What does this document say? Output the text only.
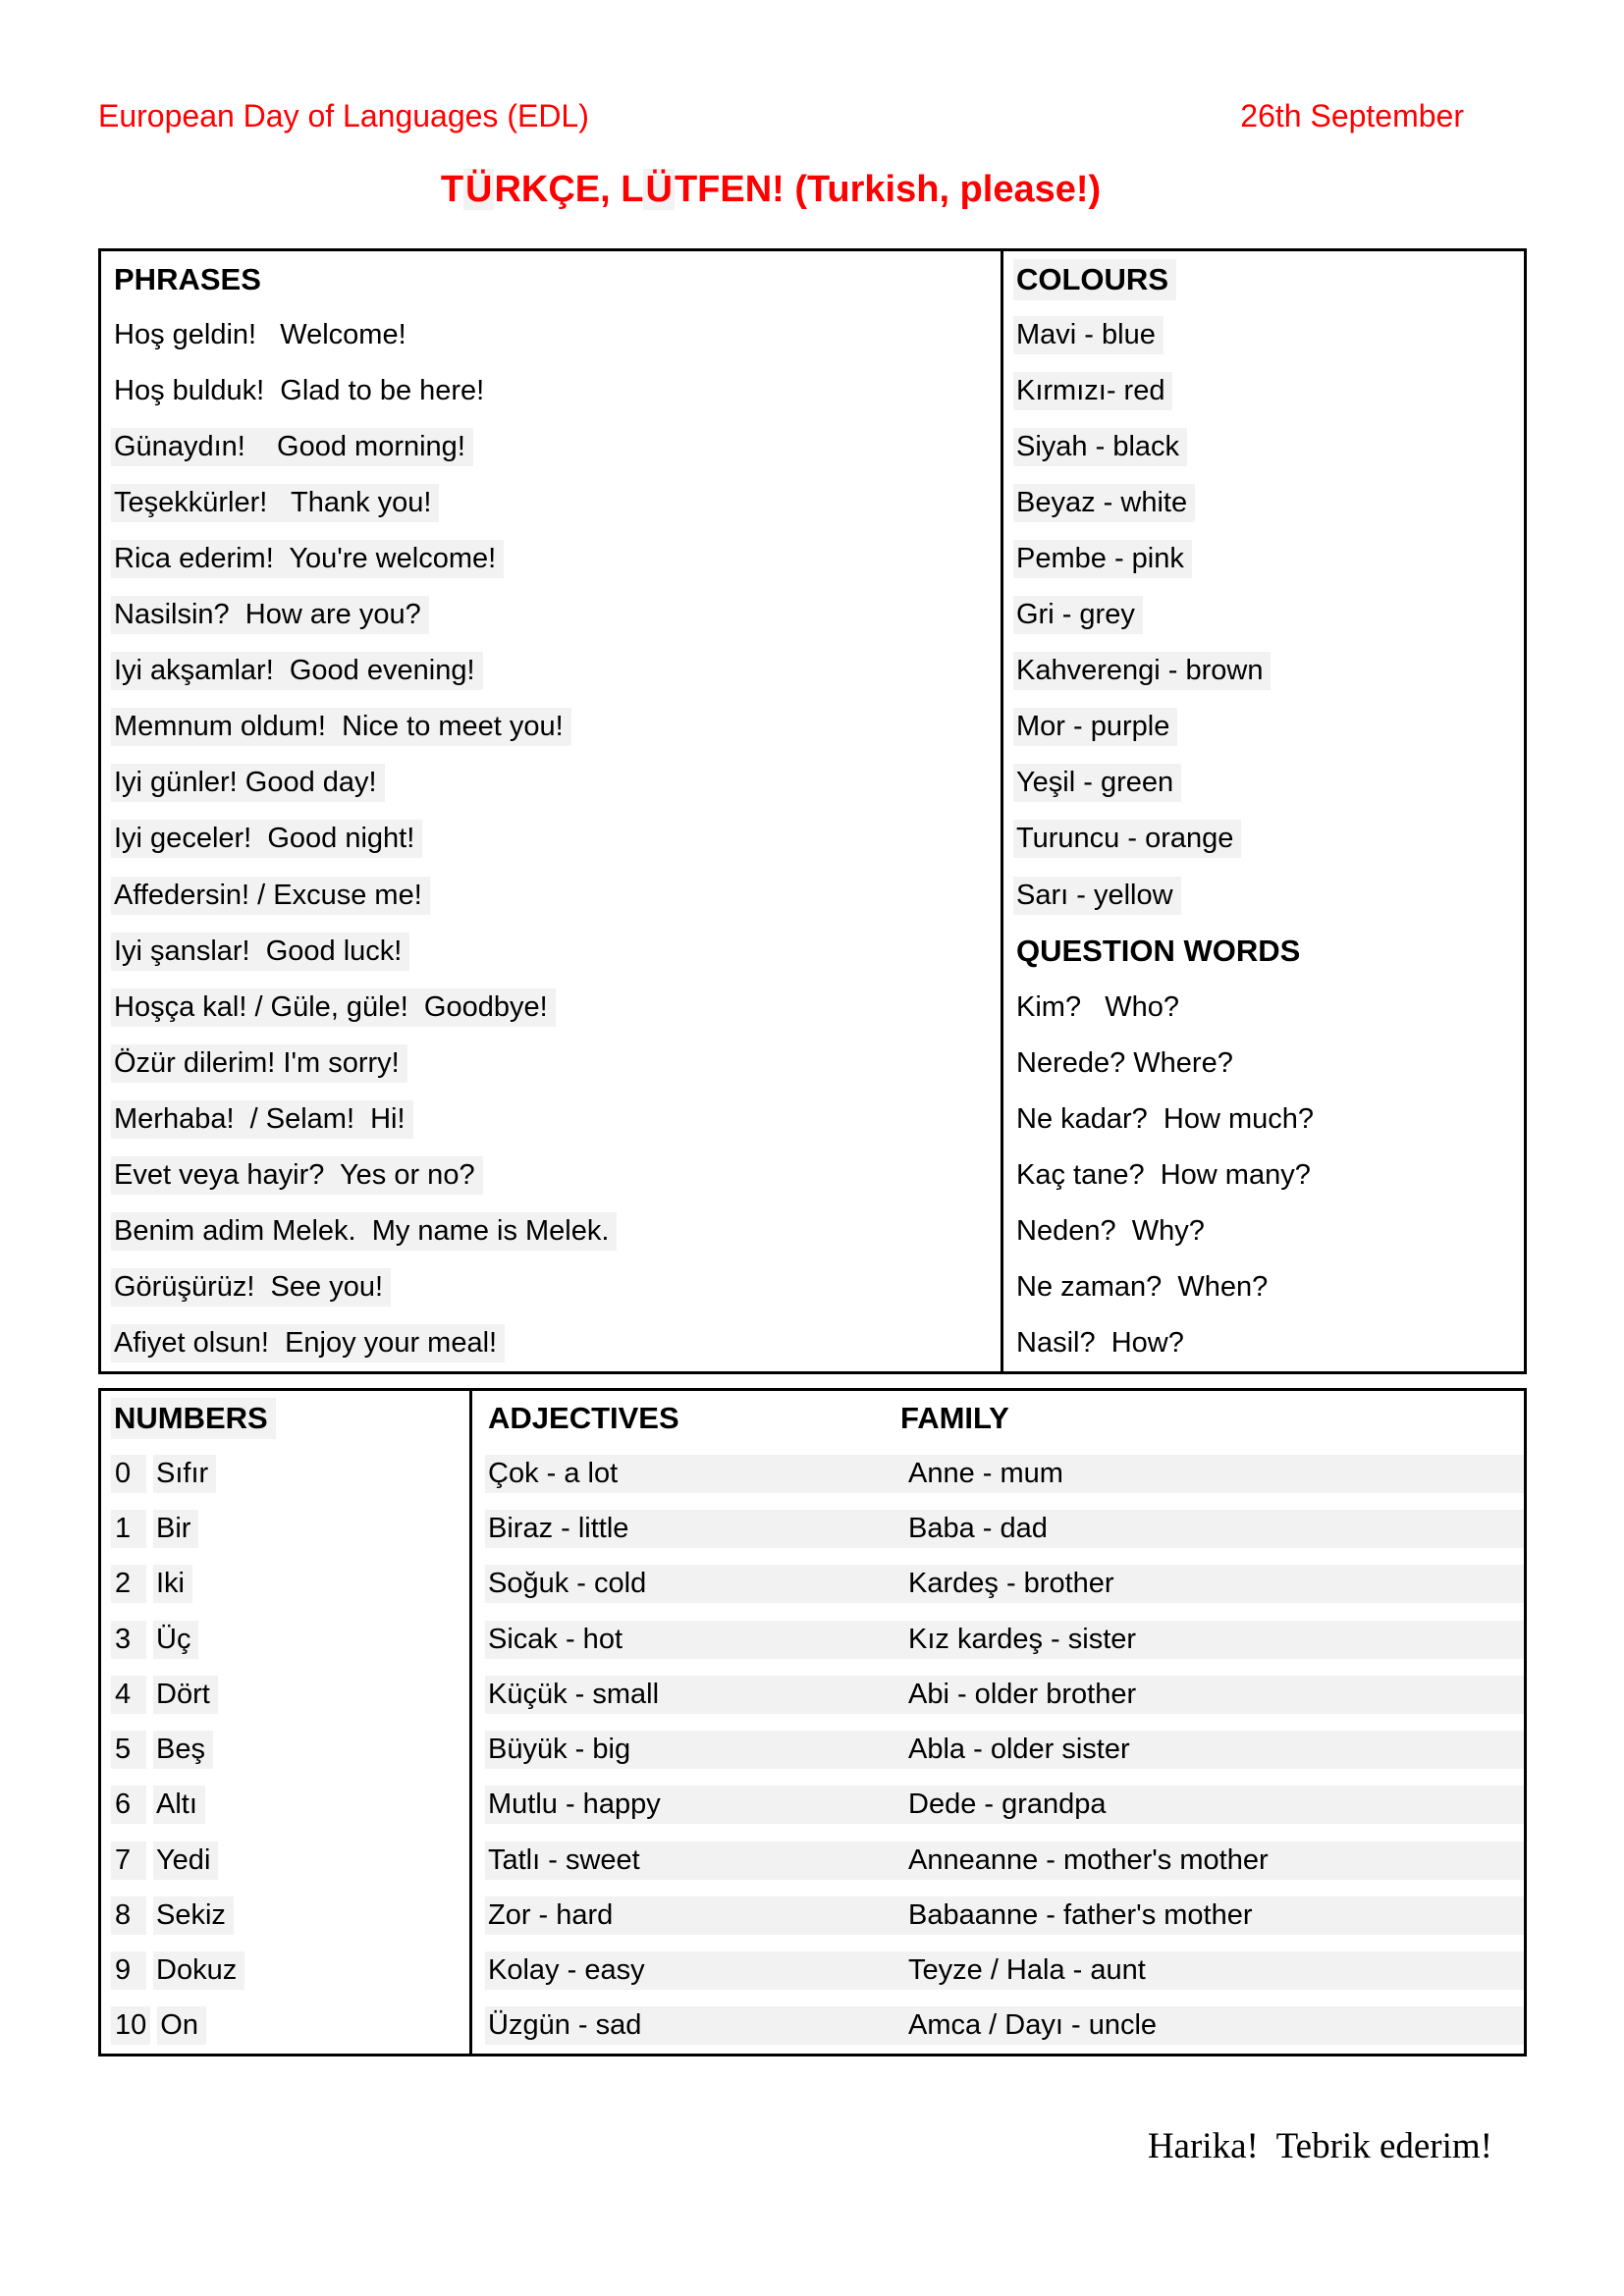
European Day of Languages (EDL)	26th September
TÜRKÇE, LÜTFEN! (Turkish, please!)
PHRASES
Hoş geldin!   Welcome!
Hoş bulduk!  Glad to be here!
Günaydın!    Good morning!
Teşekkürler!   Thank you!
Rica ederim!  You're welcome!
Nasilsin?  How are you?
Iyi akşamlar!  Good evening!
Memnum oldum!  Nice to meet you!
Iyi günler! Good day!
Iyi geceler!  Good night!
Affedersin! / Excuse me!
Iyi şanslar!  Good luck!
Hoşça kal! / Güle, güle!  Goodbye!
Özür dilerim! I'm sorry!
Merhaba!  / Selam!  Hi!
Evet veya hayir?  Yes or no?
Benim adim Melek.  My name is Melek.
Görüşürüz!  See you!
Afiyet olsun!  Enjoy your meal!
COLOURS
Mavi - blue
Kırmızı- red
Siyah - black
Beyaz - white
Pembe - pink
Gri - grey
Kahverengi - brown
Mor - purple
Yeşil - green
Turuncu - orange
Sarı - yellow
QUESTION WORDS
Kim?   Who?
Nerede? Where?
Ne kadar?  How much?
Kaç tane?  How many?
Neden?  Why?
Ne zaman?  When?
Nasil?  How?
NUMBERS
0 Sıfır
1 Bir
2 Iki
3 Üç
4 Dört
5 Beş
6 Altı
7 Yedi
8 Sekiz
9 Dokuz
10 On
ADJECTIVES	FAMILY
Çok - a lot	Anne - mum
Biraz - little	Baba - dad
Soğuk - cold	Kardeş - brother
Sicak - hot	Kız kardeş - sister
Küçük - small	Abi - older brother
Büyük - big	Abla - older sister
Mutlu - happy	Dede - grandpa
Tatlı - sweet	Anneanne - mother's mother
Zor - hard	Babaanne - father's mother
Kolay - easy	Teyze / Hala - aunt
Üzgün - sad	Amca / Dayı - uncle
Harika!  Tebrik ederim!
